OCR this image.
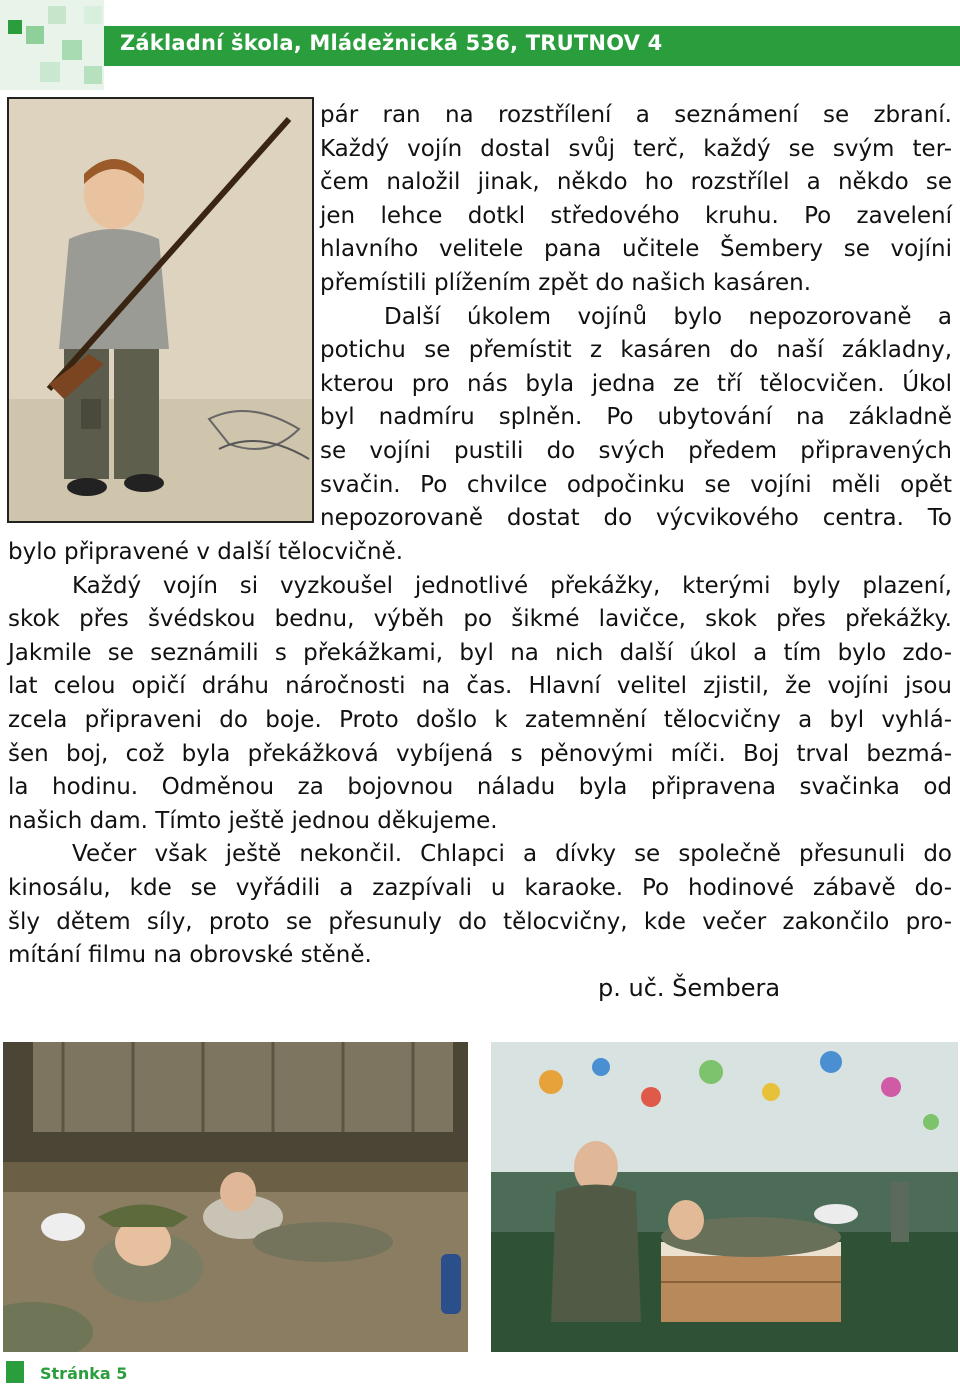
Základní škola, Mládežnická 536, TRUTNOV 4
pár ran na rozstřílení a seznámení se zbraní.
Každý vojín dostal svůj terč, každý se svým ter-
čem naložil jinak, někdo ho rozstřílel a někdo se
jen lehce dotkl středového kruhu. Po zavelení
hlavního velitele pana učitele Šembery se vojíni
přemístili plížením zpět do našich kasáren.
Další úkolem vojínů bylo nepozorovaně a
potichu se přemístit z kasáren do naší základny,
kterou pro nás byla jedna ze tří tělocvičen. Úkol
byl nadmíru splněn. Po ubytování na základně
se vojíni pustili do svých předem připravených
svačin. Po chvilce odpočinku se vojíni měli opět
nepozorovaně dostat do výcvikového centra. To
bylo připravené v další tělocvičně.
Každý vojín si vyzkoušel jednotlivé překážky, kterými byly plazení,
skok přes švédskou bednu, výběh po šikmé lavičce, skok přes překážky.
Jakmile se seznámili s překážkami, byl na nich další úkol a tím bylo zdo-
lat celou opičí dráhu náročnosti na čas. Hlavní velitel zjistil, že vojíni jsou
zcela připraveni do boje. Proto došlo k zatemnění tělocvičny a byl vyhlá-
šen boj, což byla překážková vybíjená s pěnovými míči. Boj trval bezmá-
la hodinu. Odměnou za bojovnou náladu byla připravena svačinka od
našich dam. Tímto ještě jednou děkujeme.
Večer však ještě nekončil. Chlapci a dívky se společně přesunuli do
kinosálu, kde se vyřádili a zazpívali u karaoke. Po hodinové zábavě do-
šly dětem síly, proto se přesunuly do tělocvičny, kde večer zakončilo pro-
mítání filmu na obrovské stěně.
p. uč. Šembera
Stránka 5
